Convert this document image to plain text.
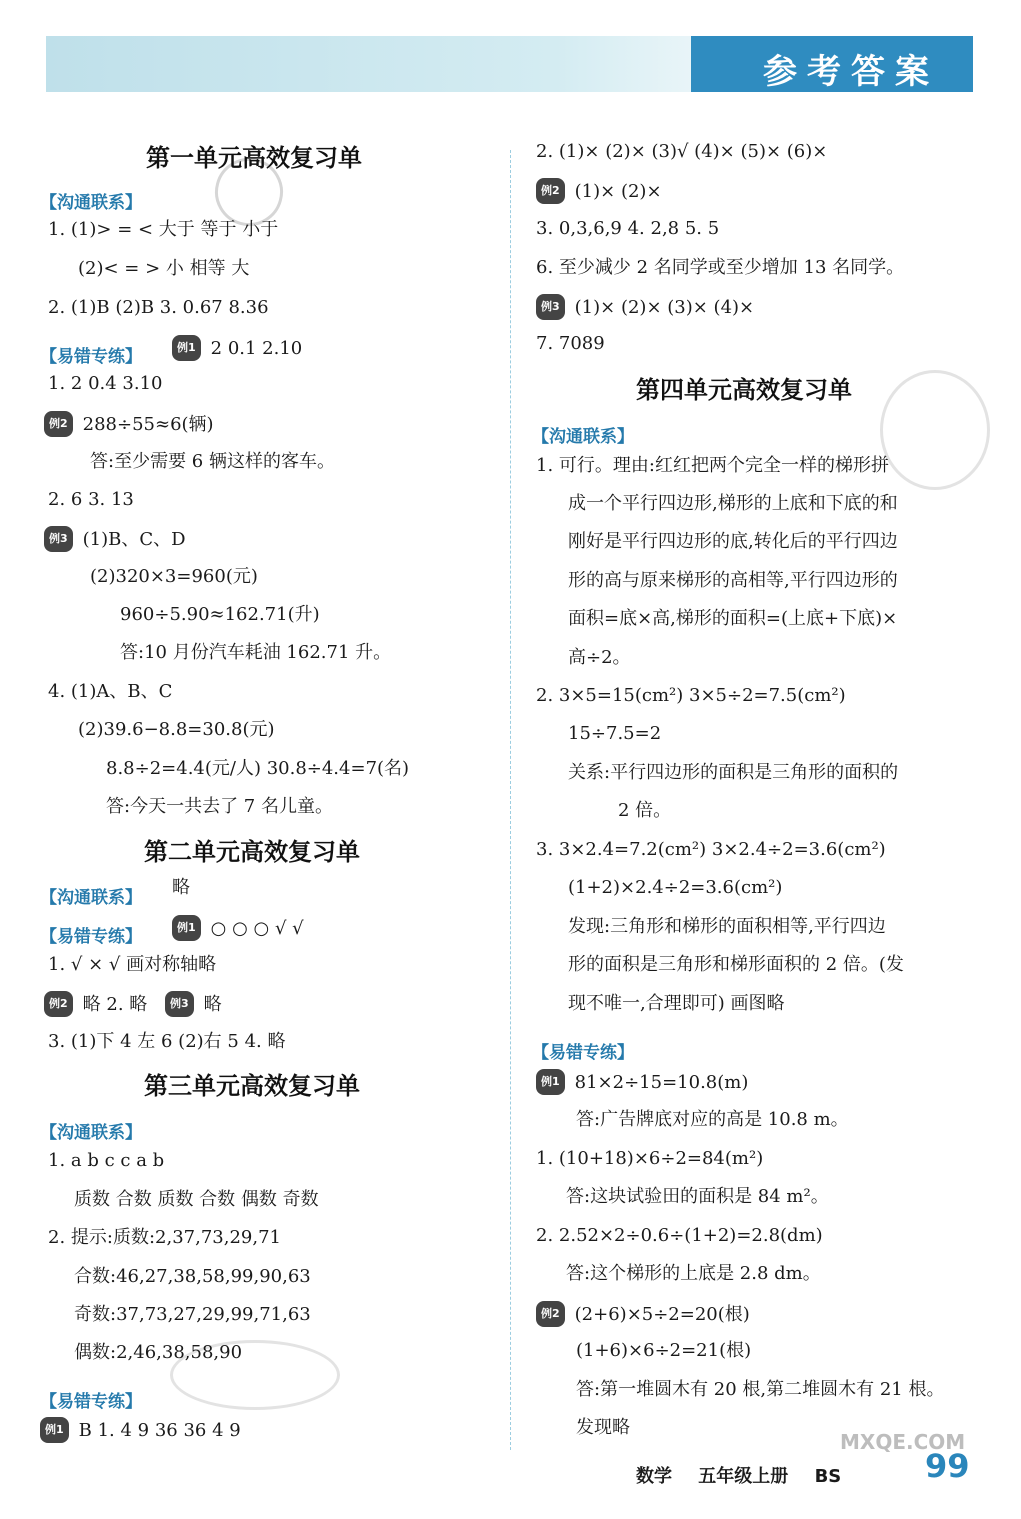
参考答案
第一单元高效复习单
【沟通联系】
1. (1)> = < 大于 等于 小于
(2)< = > 小 相等 大
2. (1)B (2)B 3. 0.67 8.36
【易错专练】	例1 2 0.1 2.10
1. 2 0.4 3.10
例2 288÷55≈6(辆)
答:至少需要 6 辆这样的客车。
2. 6 3. 13
例3 (1)B、C、D
(2)320×3=960(元)
960÷5.90≈162.71(升)
答:10 月份汽车耗油 162.71 升。
4. (1)A、B、C
(2)39.6−8.8=30.8(元)
8.8÷2=4.4(元/人) 30.8÷4.4=7(名)
答:今天一共去了 7 名儿童。
第二单元高效复习单
【沟通联系】 略
【易错专练】	例1 ○ ○ ○ √ √
1. √ × √ 画对称轴略
例2 略 2. 略 例3 略
3. (1)下 4 左 6 (2)右 5 4. 略
第三单元高效复习单
【沟通联系】
1. a b c c a b
质数 合数 质数 合数 偶数 奇数
2. 提示:质数:2,37,73,29,71
合数:46,27,38,58,99,90,63
奇数:37,73,27,29,99,71,63
偶数:2,46,38,58,90
【易错专练】
例1 B 1. 4 9 36 36 4 9
2. (1)× (2)× (3)√ (4)× (5)× (6)×
例2 (1)× (2)×
3. 0,3,6,9 4. 2,8 5. 5
6. 至少减少 2 名同学或至少增加 13 名同学。
例3 (1)× (2)× (3)× (4)×
7. 7089
第四单元高效复习单
【沟通联系】
1. 可行。理由:红红把两个完全一样的梯形拼
成一个平行四边形,梯形的上底和下底的和
刚好是平行四边形的底,转化后的平行四边
形的高与原来梯形的高相等,平行四边形的
面积=底×高,梯形的面积=(上底+下底)×
高÷2。
2. 3×5=15(cm²) 3×5÷2=7.5(cm²)
15÷7.5=2
关系:平行四边形的面积是三角形的面积的
2 倍。
3. 3×2.4=7.2(cm²) 3×2.4÷2=3.6(cm²)
(1+2)×2.4÷2=3.6(cm²)
发现:三角形和梯形的面积相等,平行四边
形的面积是三角形和梯形面积的 2 倍。(发
现不唯一,合理即可) 画图略
【易错专练】
例1 81×2÷15=10.8(m)
答:广告牌底对应的高是 10.8 m。
1. (10+18)×6÷2=84(m²)
答:这块试验田的面积是 84 m²。
2. 2.52×2÷0.6÷(1+2)=2.8(dm)
答:这个梯形的上底是 2.8 dm。
例2 (2+6)×5÷2=20(根)
(1+6)×6÷2=21(根)
答:第一堆圆木有 20 根,第二堆圆木有 21 根。
发现略
数学 五年级上册 BS
MXQE.COM
99
